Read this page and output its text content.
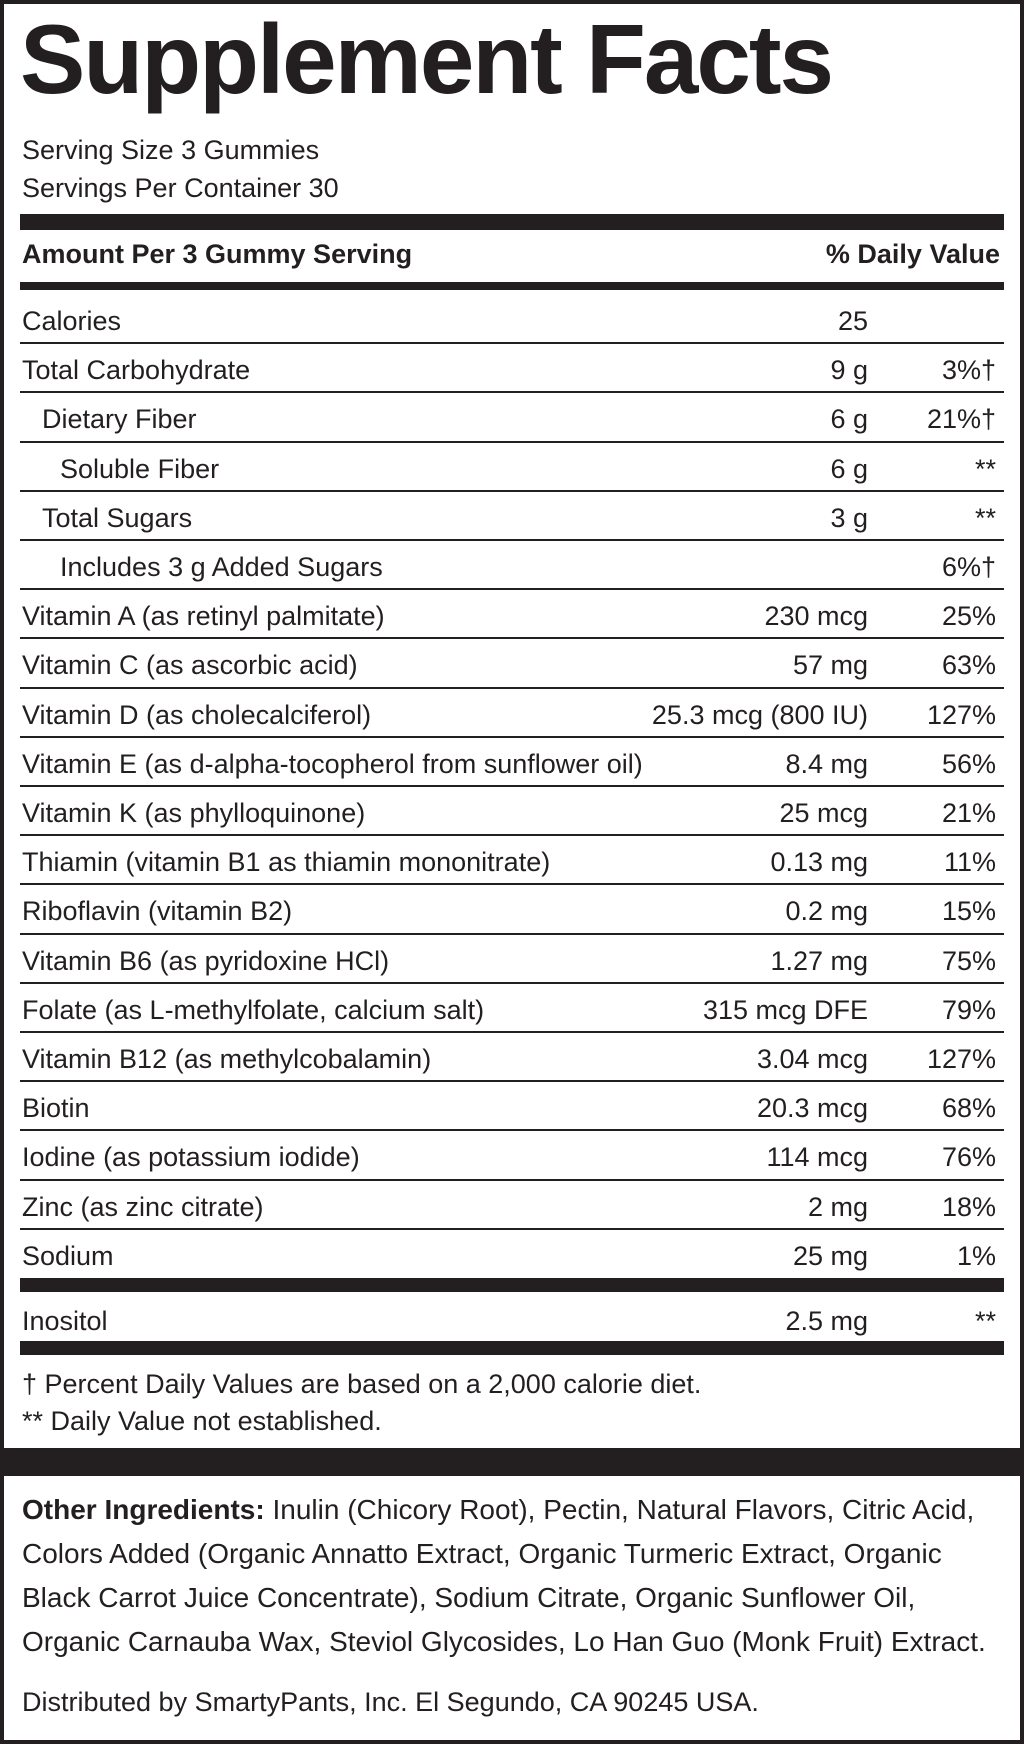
Supplement Facts
Serving Size 3 Gummies
Servings Per Container 30
Amount Per 3 Gummy Serving	% Daily Value
Calories	25
Total Carbohydrate	9 g	3%†
Dietary Fiber	6 g 21%†
Soluble Fiber	6 g	**
Total Sugars	3 g	**
Includes 3 g Added Sugars	6%†
Vitamin A (as retinyl palmitate)	230 mcg	25%
Vitamin C (as ascorbic acid)	57 mg	63%
Vitamin D (as cholecalciferol)	25.3 mcg (800 IU) 127%
Vitamin E (as d-alpha-tocopherol from sunflower oil)	8.4 mg	56%
Vitamin K (as phylloquinone)	25 mcg	21%
Thiamin (vitamin B1 as thiamin mononitrate)	0.13 mg	11%
Riboflavin (vitamin B2)	0.2 mg	15%
Vitamin B6 (as pyridoxine HCl)	1.27 mg	75%
Folate (as L-methylfolate, calcium salt)	315 mcg DFE	79%
Vitamin B12 (as methylcobalamin)	3.04 mcg 127%
Biotin	20.3 mcg	68%
Iodine (as potassium iodide)	114 mcg	76%
Zinc (as zinc citrate)	2 mg	18%
Sodium	25 mg	1%
Inositol	2.5 mg	**
† Percent Daily Values are based on a 2,000 calorie diet.
** Daily Value not established.
Other Ingredients: Inulin (Chicory Root), Pectin, Natural Flavors, Citric Acid, Colors Added (Organic Annatto Extract, Organic Turmeric Extract, Organic Black Carrot Juice Concentrate), Sodium Citrate, Organic Sunflower Oil, Organic Carnauba Wax, Steviol Glycosides, Lo Han Guo (Monk Fruit) Extract.
Distributed by SmartyPants, Inc. El Segundo, CA 90245 USA.
